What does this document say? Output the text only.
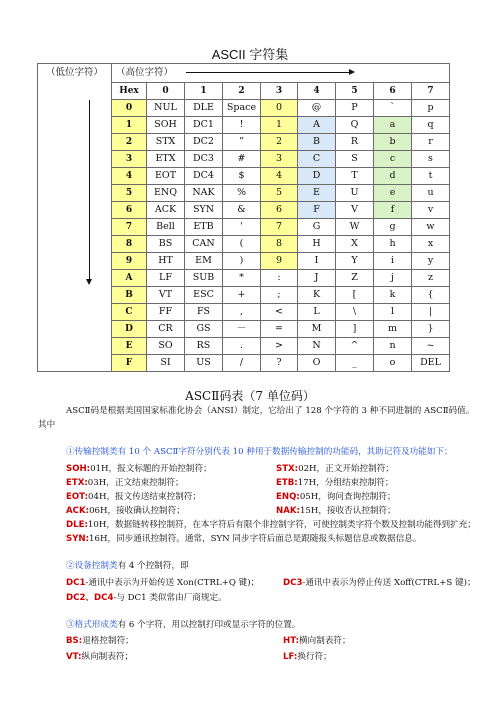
ASCII 字符集
（低位字符）	（高位字符）								

	Hex	0	1	2	3	4	5	6	7
	0	NUL	DLE	Space	0	@	P	`	p
	1	SOH	DC1	!	1	A	Q	a	q
	2	STX	DC2	”	2	B	R	b	r
	3	ETX	DC3	#	3	C	S	c	s
	4	EOT	DC4	$	4	D	T	d	t
	5	ENQ	NAK	%	5	E	U	e	u
	6	ACK	SYN	&	6	F	V	f	v
	7	Bell	ETB	'	7	G	W	g	w
	8	BS	CAN	(	8	H	X	h	x
	9	HT	EM	)	9	I	Y	i	y
	A	LF	SUB	*	:	J	Z	j	z
	B	VT	ESC	+	;	K	[	k	{
	C	FF	FS	,	<	L	\	l	|
	D	CR	GS	－	=	M	]	m	}
	E	SO	RS	.	>	N	^	n	~
	F	SI	US	/	?	O	_	o	DEL
ASCⅡ码表（7 单位码）
ASCⅡ码是根据美国国家标准化协会（ANSI）制定，它给出了 128 个字符的 3 种不同进制的 ASCⅡ码值。
其中
①传输控制类有 10 个 ASCⅡ字符分别代表 10 种用于数据传输控制的功能码，其助记符及功能如下：
SOH:01H，报文标题的开始控制符；	STX:02H，正文开始控制符；
ETX:03H，正文结束控制符；	ETB:17H，分组结束控制符；
EOT:04H，报文传送结束控制符；	ENQ:05H，询问查询控制符；
ACK:06H，接收确认控制符；	NAK:15H，接收否认控制符；
DLE:10H，数据链转移控制符，在本字符后有限个非控制字符，可使控制类字符个数及控制功能得到扩充；
SYN:16H，同步通讯控制符。通常，SYN 同步字符后面总是跟随报头标题信息或数据信息。
②设备控制类有 4 个控制符，即
DC1-通讯中表示为开始传送 Xon(CTRL+Q 键)；	DC3-通讯中表示为停止传送 Xoff(CTRL+S 键)；
DC2、DC4-与 DC1 类似常由厂商规定。
③格式形成类有 6 个字符，用以控制打印或显示字符的位置。
BS:退格控制符；	HT:横向制表符；
VT:纵向制表符；	LF:换行符；
